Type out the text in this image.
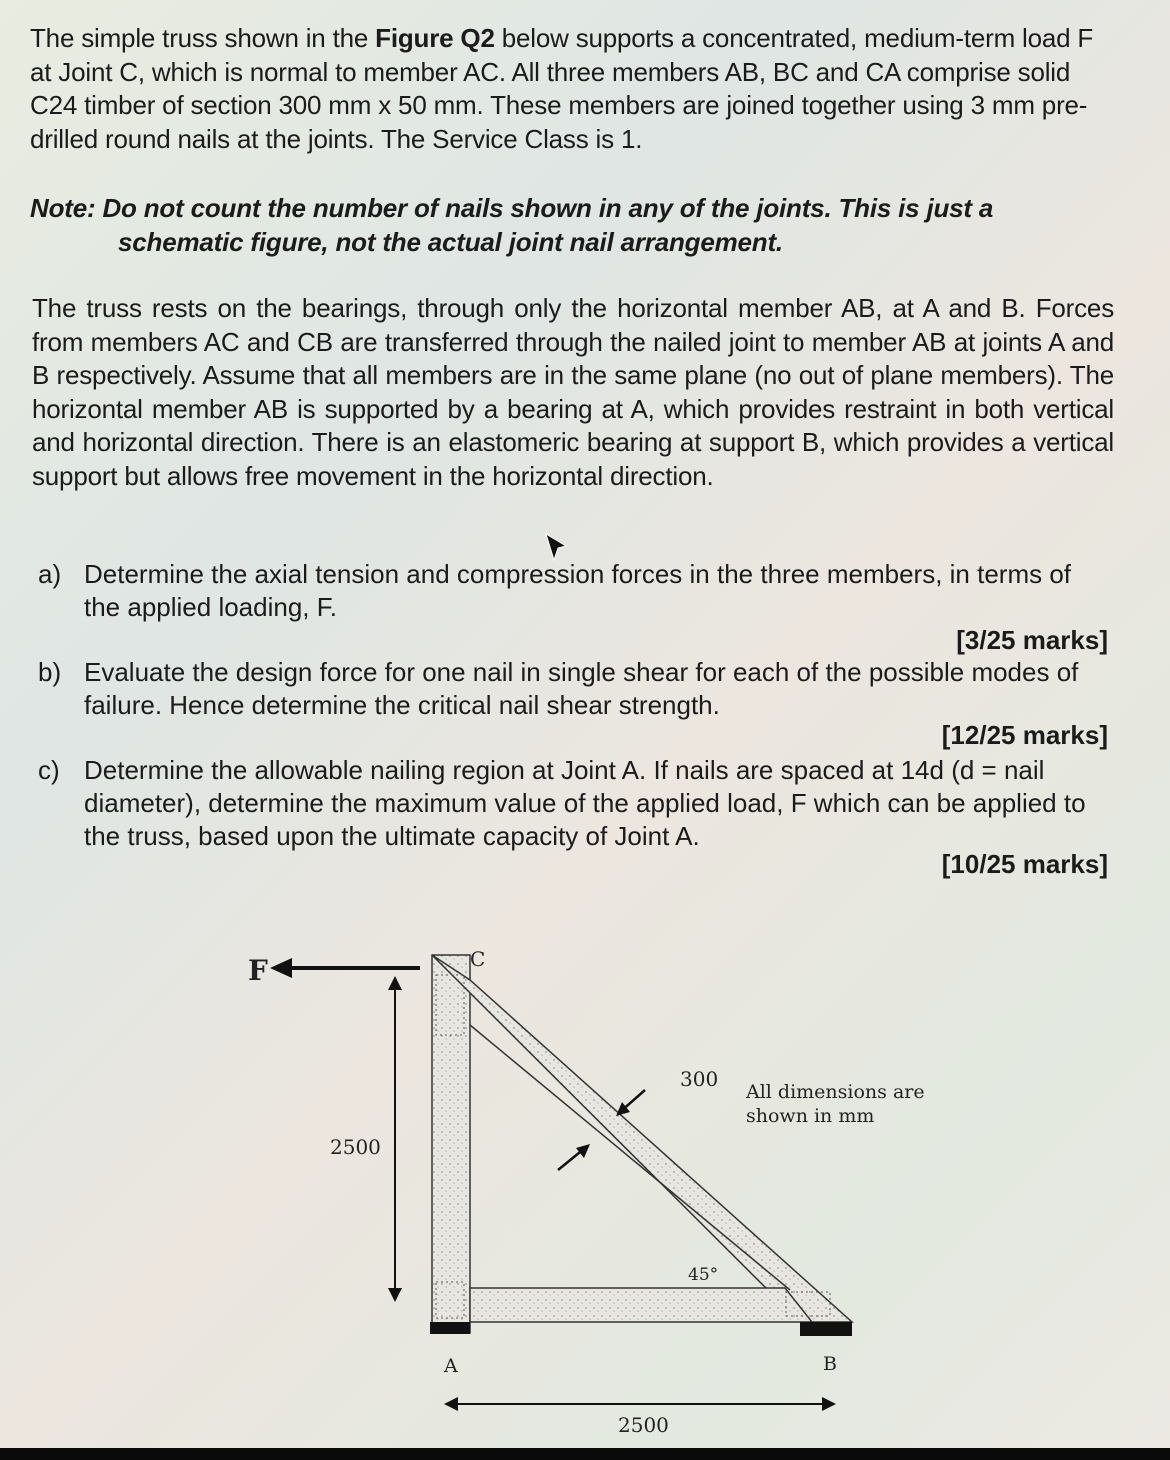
The simple truss shown in the Figure Q2 below supports a concentrated, medium-term load F at Joint C, which is normal to member AC. All three members AB, BC and CA comprise solid C24 timber of section 300 mm x 50 mm. These members are joined together using 3 mm pre-drilled round nails at the joints. The Service Class is 1.
Note: Do not count the number of nails shown in any of the joints. This is just a
schematic figure, not the actual joint nail arrangement.
The truss rests on the bearings, through only the horizontal member AB, at A and B. Forces from members AC and CB are transferred through the nailed joint to member AB at joints A and B respectively. Assume that all members are in the same plane (no out of plane members). The horizontal member AB is supported by a bearing at A, which provides restraint in both vertical and horizontal direction. There is an elastomeric bearing at support B, which provides a vertical support but allows free movement in the horizontal direction.
a) Determine the axial tension and compression forces in the three members, in terms of the applied loading, F.
[3/25 marks]
b) Evaluate the design force for one nail in single shear for each of the possible modes of failure. Hence determine the critical nail shear strength.
[12/25 marks]
c) Determine the allowable nailing region at Joint A. If nails are spaced at 14d (d = nail diameter), determine the maximum value of the applied load, F which can be applied to the truss, based upon the ultimate capacity of Joint A.
[10/25 marks]
F	C
2500
300
All dimensions are
shown in mm
45°
A	B
2500
